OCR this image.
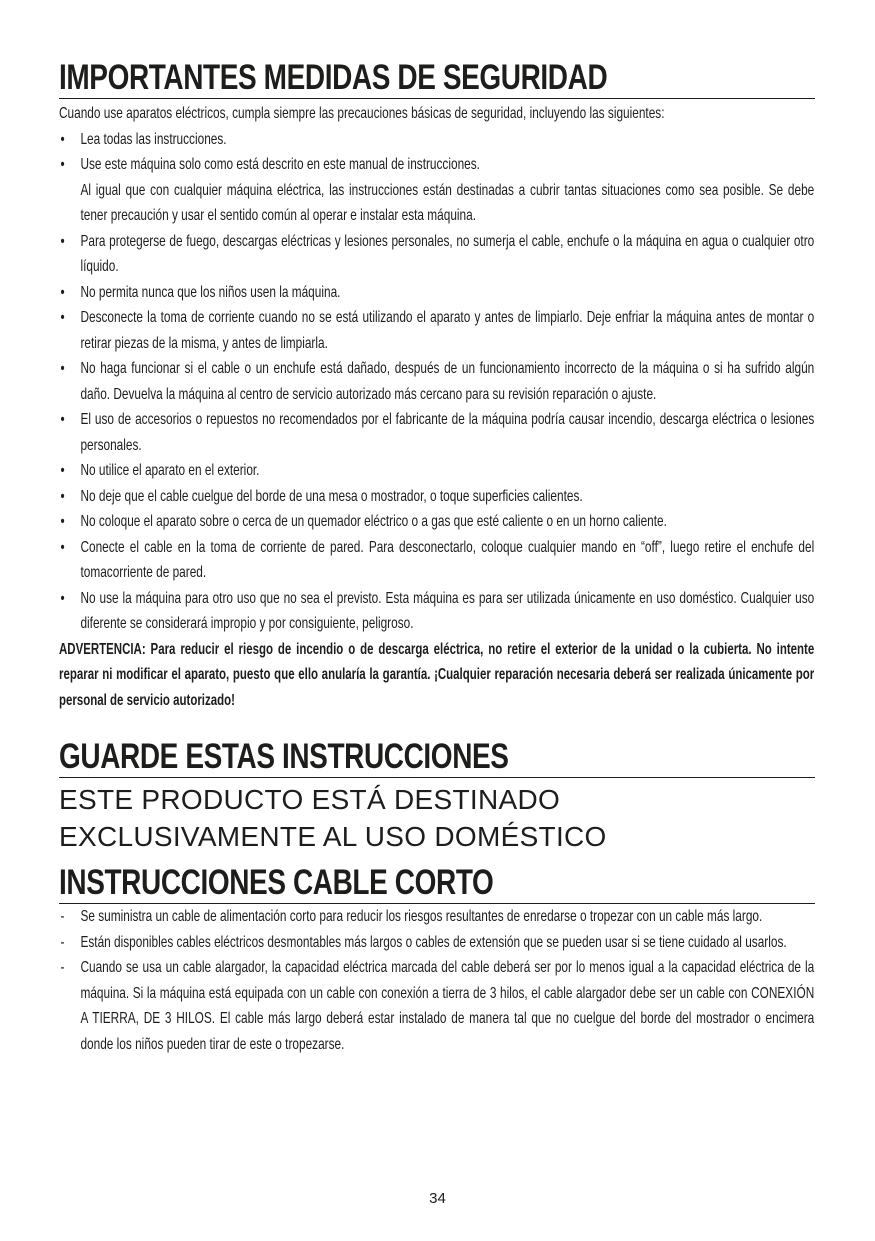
IMPORTANTES MEDIDAS DE SEGURIDAD
Cuando use aparatos eléctricos, cumpla siempre las precauciones básicas de seguridad, incluyendo las siguientes:
• Lea todas las instrucciones.
• Use este máquina solo como está descrito en este manual de instrucciones.
Al igual que con cualquier máquina eléctrica, las instrucciones están destinadas a cubrir tantas situaciones como sea posible. Se debe tener precaución y usar el sentido común al operar e instalar esta máquina.
• Para protegerse de fuego, descargas eléctricas y lesiones personales, no sumerja el cable, enchufe o la máquina en agua o cualquier otro líquido.
• No permita nunca que los niños usen la máquina.
• Desconecte la toma de corriente cuando no se está utilizando el aparato y antes de limpiarlo. Deje enfriar la máquina antes de montar o retirar piezas de la misma, y antes de limpiarla.
• No haga funcionar si el cable o un enchufe está dañado, después de un funcionamiento incorrecto de la máquina o si ha sufrido algún daño. Devuelva la máquina al centro de servicio autorizado más cercano para su revisión reparación o ajuste.
• El uso de accesorios o repuestos no recomendados por el fabricante de la máquina podría causar incendio, descarga eléctrica o lesiones personales.
• No utilice el aparato en el exterior.
• No deje que el cable cuelgue del borde de una mesa o mostrador, o toque superficies calientes.
• No coloque el aparato sobre o cerca de un quemador eléctrico o a gas que esté caliente o en un horno caliente.
• Conecte el cable en la toma de corriente de pared. Para desconectarlo, coloque cualquier mando en “off”, luego retire el enchufe del tomacorriente de pared.
• No use la máquina para otro uso que no sea el previsto. Esta máquina es para ser utilizada únicamente en uso doméstico. Cualquier uso diferente se considerará impropio y por consiguiente, peligroso.
ADVERTENCIA: Para reducir el riesgo de incendio o de descarga eléctrica, no retire el exterior de la unidad o la cubierta. No intente reparar ni modificar el aparato, puesto que ello anularía la garantía. ¡Cualquier reparación necesaria deberá ser realizada únicamente por personal de servicio autorizado!
GUARDE ESTAS INSTRUCCIONES
ESTE PRODUCTO ESTÁ DESTINADO EXCLUSIVAMENTE AL USO DOMÉSTICO
INSTRUCCIONES CABLE CORTO
- Se suministra un cable de alimentación corto para reducir los riesgos resultantes de enredarse o tropezar con un cable más largo.
- Están disponibles cables eléctricos desmontables más largos o cables de extensión que se pueden usar si se tiene cuidado al usarlos.
- Cuando se usa un cable alargador, la capacidad eléctrica marcada del cable deberá ser por lo menos igual a la capacidad eléctrica de la máquina. Si la máquina está equipada con un cable con conexión a tierra de 3 hilos, el cable alargador debe ser un cable con CONEXIÓN A TIERRA, DE 3 HILOS. El cable más largo deberá estar instalado de manera tal que no cuelgue del borde del mostrador o encimera donde los niños pueden tirar de este o tropezarse.
34
